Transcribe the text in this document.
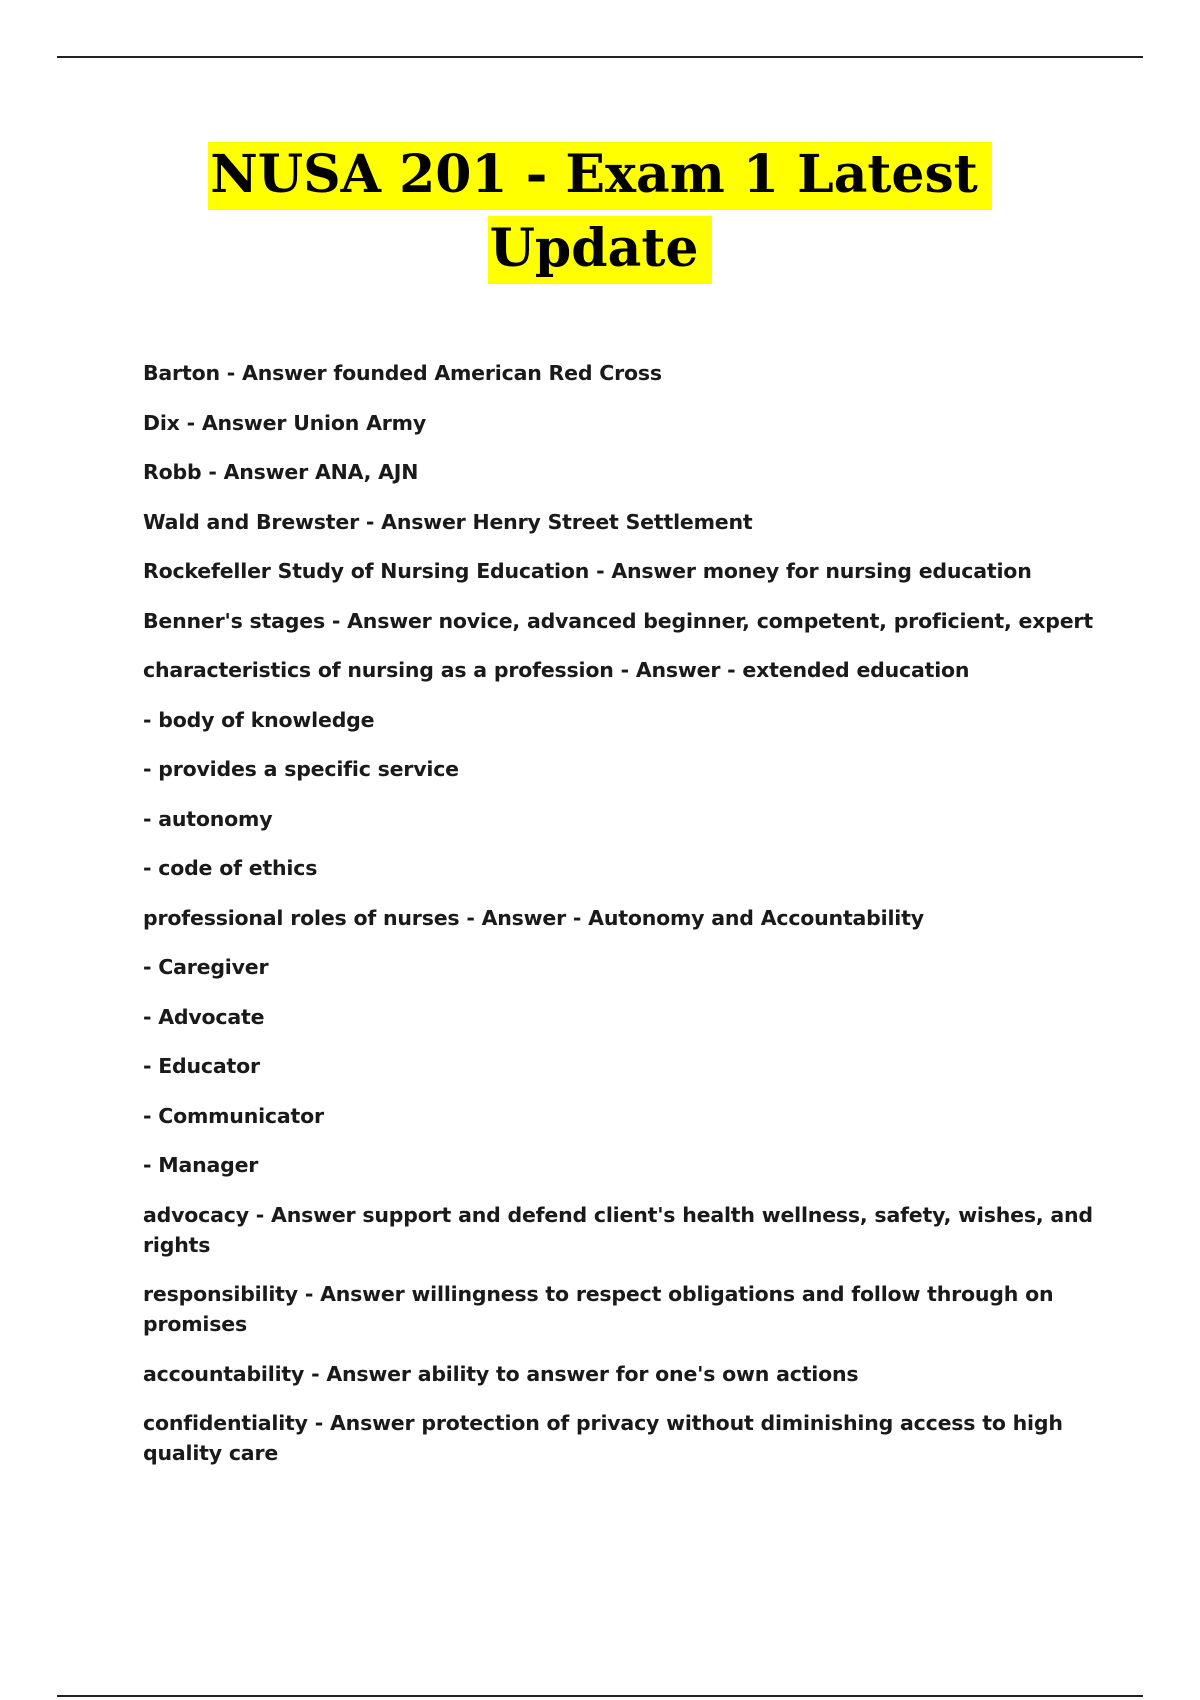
NUSA 201 - Exam 1 Latest
Update
Barton - Answer founded American Red Cross
Dix - Answer Union Army
Robb - Answer ANA, AJN
Wald and Brewster - Answer Henry Street Settlement
Rockefeller Study of Nursing Education - Answer money for nursing education
Benner's stages - Answer novice, advanced beginner, competent, proficient, expert
characteristics of nursing as a profession - Answer - extended education
- body of knowledge
- provides a specific service
- autonomy
- code of ethics
professional roles of nurses - Answer - Autonomy and Accountability
- Caregiver
- Advocate
- Educator
- Communicator
- Manager
advocacy - Answer support and defend client's health wellness, safety, wishes, and rights
responsibility - Answer willingness to respect obligations and follow through on promises
accountability - Answer ability to answer for one's own actions
confidentiality - Answer protection of privacy without diminishing access to high quality care
